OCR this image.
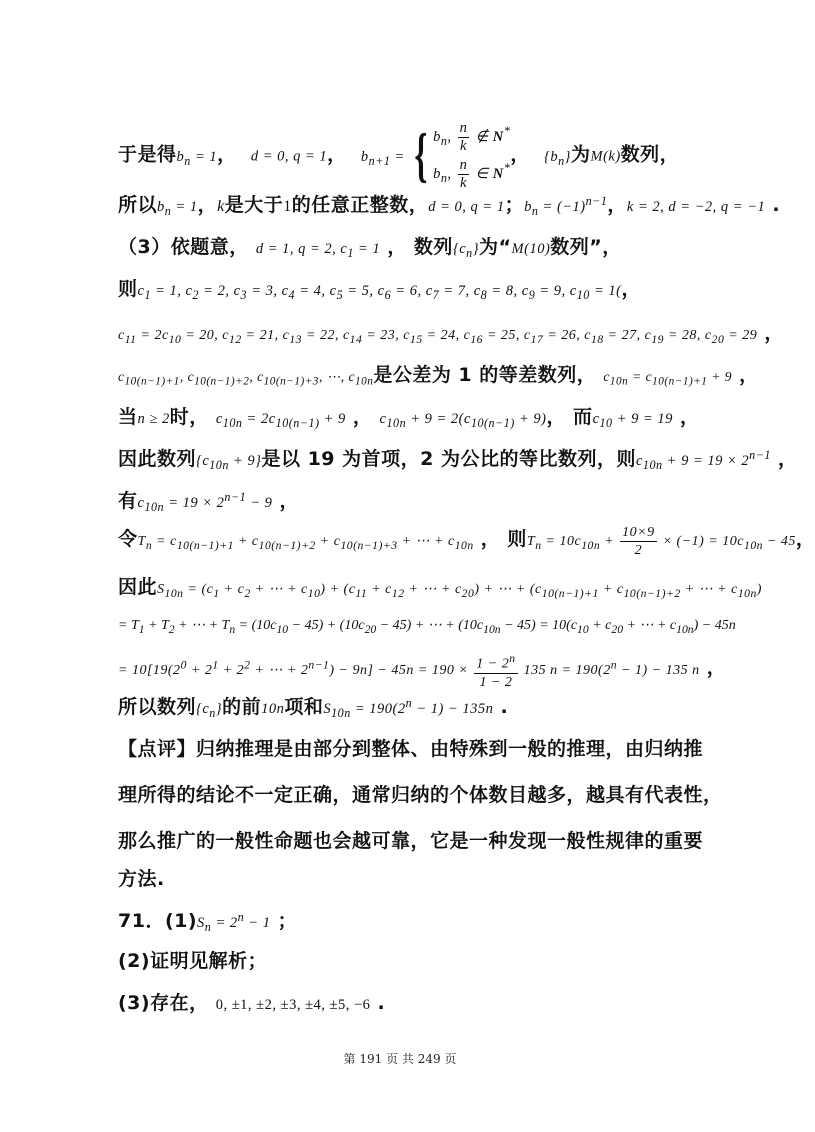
于是得$b_n = 1$，  d = 0, q = 1，  $b_{n+1}$ = { $b_n$, $\frac{n}{k}$ ∉ N*
$b_n$, $\frac{n}{k}$ ∈ N*，  $\{b_n\}$为M(k)数列，
所以$b_n = 1$，k是大于1的任意正整数，d = 0, q = 1；$b_n = (-1)^{n-1}$，k = 2, d = −2, q = −1 .
（3）依题意， d = 1, q = 2, $c_1 = 1$ ， 数列$\{c_n\}$为“M(10)数列”，
则$c_1 = 1$, $c_2 = 2$, $c_3 = 3$, $c_4 = 4$, $c_5 = 5$, $c_6 = 6$, $c_7 = 7$, $c_8 = 8$, $c_9 = 9$, $c_{10} = 1$(，
$c_{11} = 2c_{10} = 20$, $c_{12} = 21$, $c_{13} = 22$, $c_{14} = 23$, $c_{15} = 24$, $c_{16} = 25$, $c_{17} = 26$, $c_{18} = 27$, $c_{19} = 28$, $c_{20} = 29$ ，
$c_{10(n-1)+1}$, $c_{10(n-1)+2}$, $c_{10(n-1)+3}$, ⋯, $c_{10n}$是公差为 1 的等差数列， $c_{10n} = c_{10(n-1)+1} + 9$ ，
当n ≥ 2时， $c_{10n} = 2c_{10(n-1)} + 9$ ， $c_{10n} + 9 = 2(c_{10(n-1)} + 9)$， 而$c_{10} + 9 = 19$ ，
因此数列$\{c_{10n} + 9\}$是以 19 为首项，2 为公比的等比数列，则$c_{10n} + 9 = 19 \times 2^{n-1}$ ，
有$c_{10n} = 19 \times 2^{n-1} - 9$ ，
令$T_n = c_{10(n-1)+1} + c_{10(n-1)+2} + c_{10(n-1)+3}$ + ⋯ + $c_{10n}$ ， 则$T_n = 10c_{10n} + \frac{10\times 9}{2} \times (-1) = 10c_{10n} - 45$，
因此$S_{10n} = (c_1 + c_2$ + ⋯ + $c_{10}) + (c_{11} + c_{12}$ + ⋯ + $c_{20}$) + ⋯ + ($c_{10(n-1)+1} + c_{10(n-1)+2}$ + ⋯ + $c_{10n}$)
= $T_1 + T_2$ + ⋯ + $T_n = (10c_{10} - 45) + (10c_{20} - 45)$ + ⋯ + $(10c_{10n} - 45) = 10(c_{10} + c_{20}$ + ⋯ + $c_{10n}) - 45n$
= $10[19(2^0 + 2^1 + 2^2$ + ⋯ + $2^{n-1}) - 9n] - 45n = 190 \times \frac{1 - 2^n}{1 - 2} 135$ $n = 190(2^n - 1) - 135$ n ，
所以数列$\{c_n\}$的前10n项和$S_{10n} = 190(2^n - 1) - 135n$ .
【点评】归纳推理是由部分到整体、由特殊到一般的推理，由归纳推
理所得的结论不一定正确，通常归纳的个体数目越多，越具有代表性，
那么推广的一般性命题也会越可靠，它是一种发现一般性规律的重要
方法.
71．$(1)S_n = 2^n - 1$ ；
(2)证明见解析；
(3)存在， 0, ±1, ±2, ±3, ±4, ±5, −6 .
第 191 页 共 249 页
